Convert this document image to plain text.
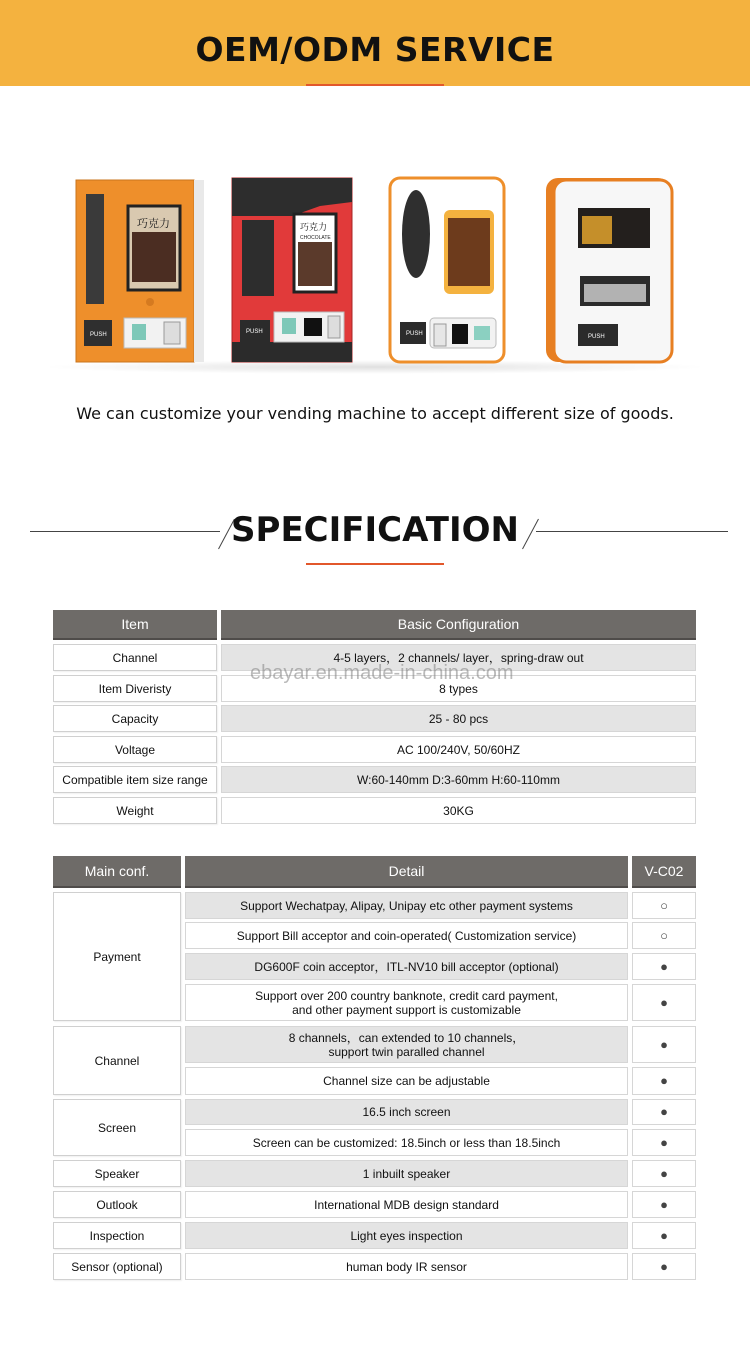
OEM/ODM SERVICE
巧克力
PUSH
巧克力
CHOCOLATE
PUSH	PUSH	PUSH
We can customize your vending machine to accept different size of goods.
SPECIFICATION
Item	Basic Configuration
Channel	4-5 layers，2 channels/ layer，spring-draw out
Item Diveristy	8 types
Capacity	25 - 80 pcs
Voltage	AC 100/240V, 50/60HZ
Compatible item size range	W:60-140mm D:3-60mm H:60-110mm
Weight	30KG
ebayar.en.made-in-china.com
Main conf.	Detail	V-C02
Payment
Support Wechatpay, Alipay, Unipay etc other payment systems	○
Support Bill acceptor and coin-operated( Customization service)	○
DG600F coin acceptor，ITL-NV10 bill acceptor (optional)	●
Support over 200 country banknote, credit card payment,
and other payment support is customizable	●
Channel
8 channels，can extended to 10 channels，
support twin paralled channel	●
Channel size can be adjustable	●
Screen
16.5 inch screen	●
Screen can be customized: 18.5inch or less than 18.5inch	●
Speaker	1 inbuilt speaker	●
Outlook	International MDB design standard	●
Inspection	Light eyes inspection	●
Sensor (optional)	human body IR sensor	●
